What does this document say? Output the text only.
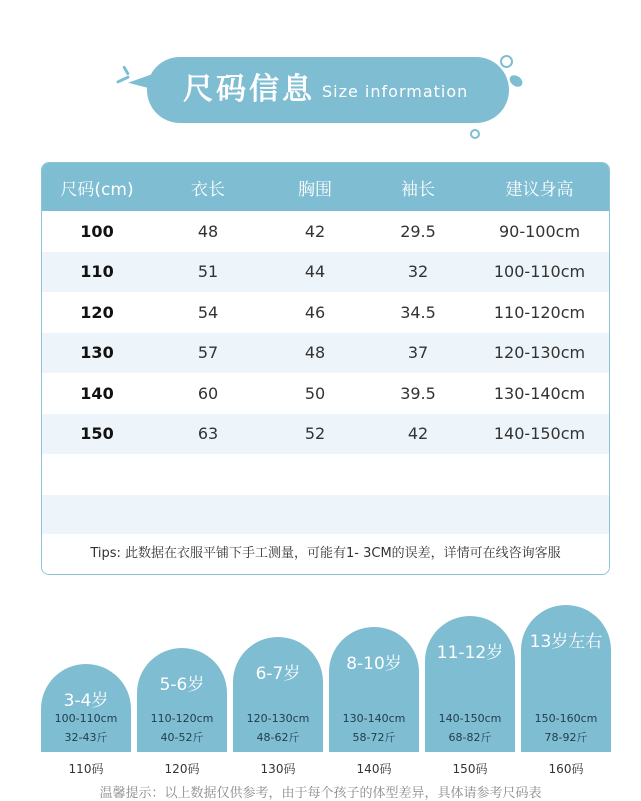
尺码信息 Size information
尺码(cm)	衣长	胸围	袖长	建议身高
100	48	42	29.5	90-100cm
110	51	44	32	100-110cm
120	54	46	34.5	110-120cm
130	57	48	37	120-130cm
140	60	50	39.5	130-140cm
150	63	52	42	140-150cm
Tips: 此数据在衣服平铺下手工测量，可能有1- 3CM的误差，详情可在线咨询客服
3-4岁
100-110cm
32-43斤
110码
5-6岁
110-120cm
40-52斤
120码
6-7岁
120-130cm
48-62斤
130码
8-10岁
130-140cm
58-72斤
140码
11-12岁
140-150cm
68-82斤
150码
13岁左右
150-160cm
78-92斤
160码
温馨提示：以上数据仅供参考，由于每个孩子的体型差异，具体请参考尺码表
